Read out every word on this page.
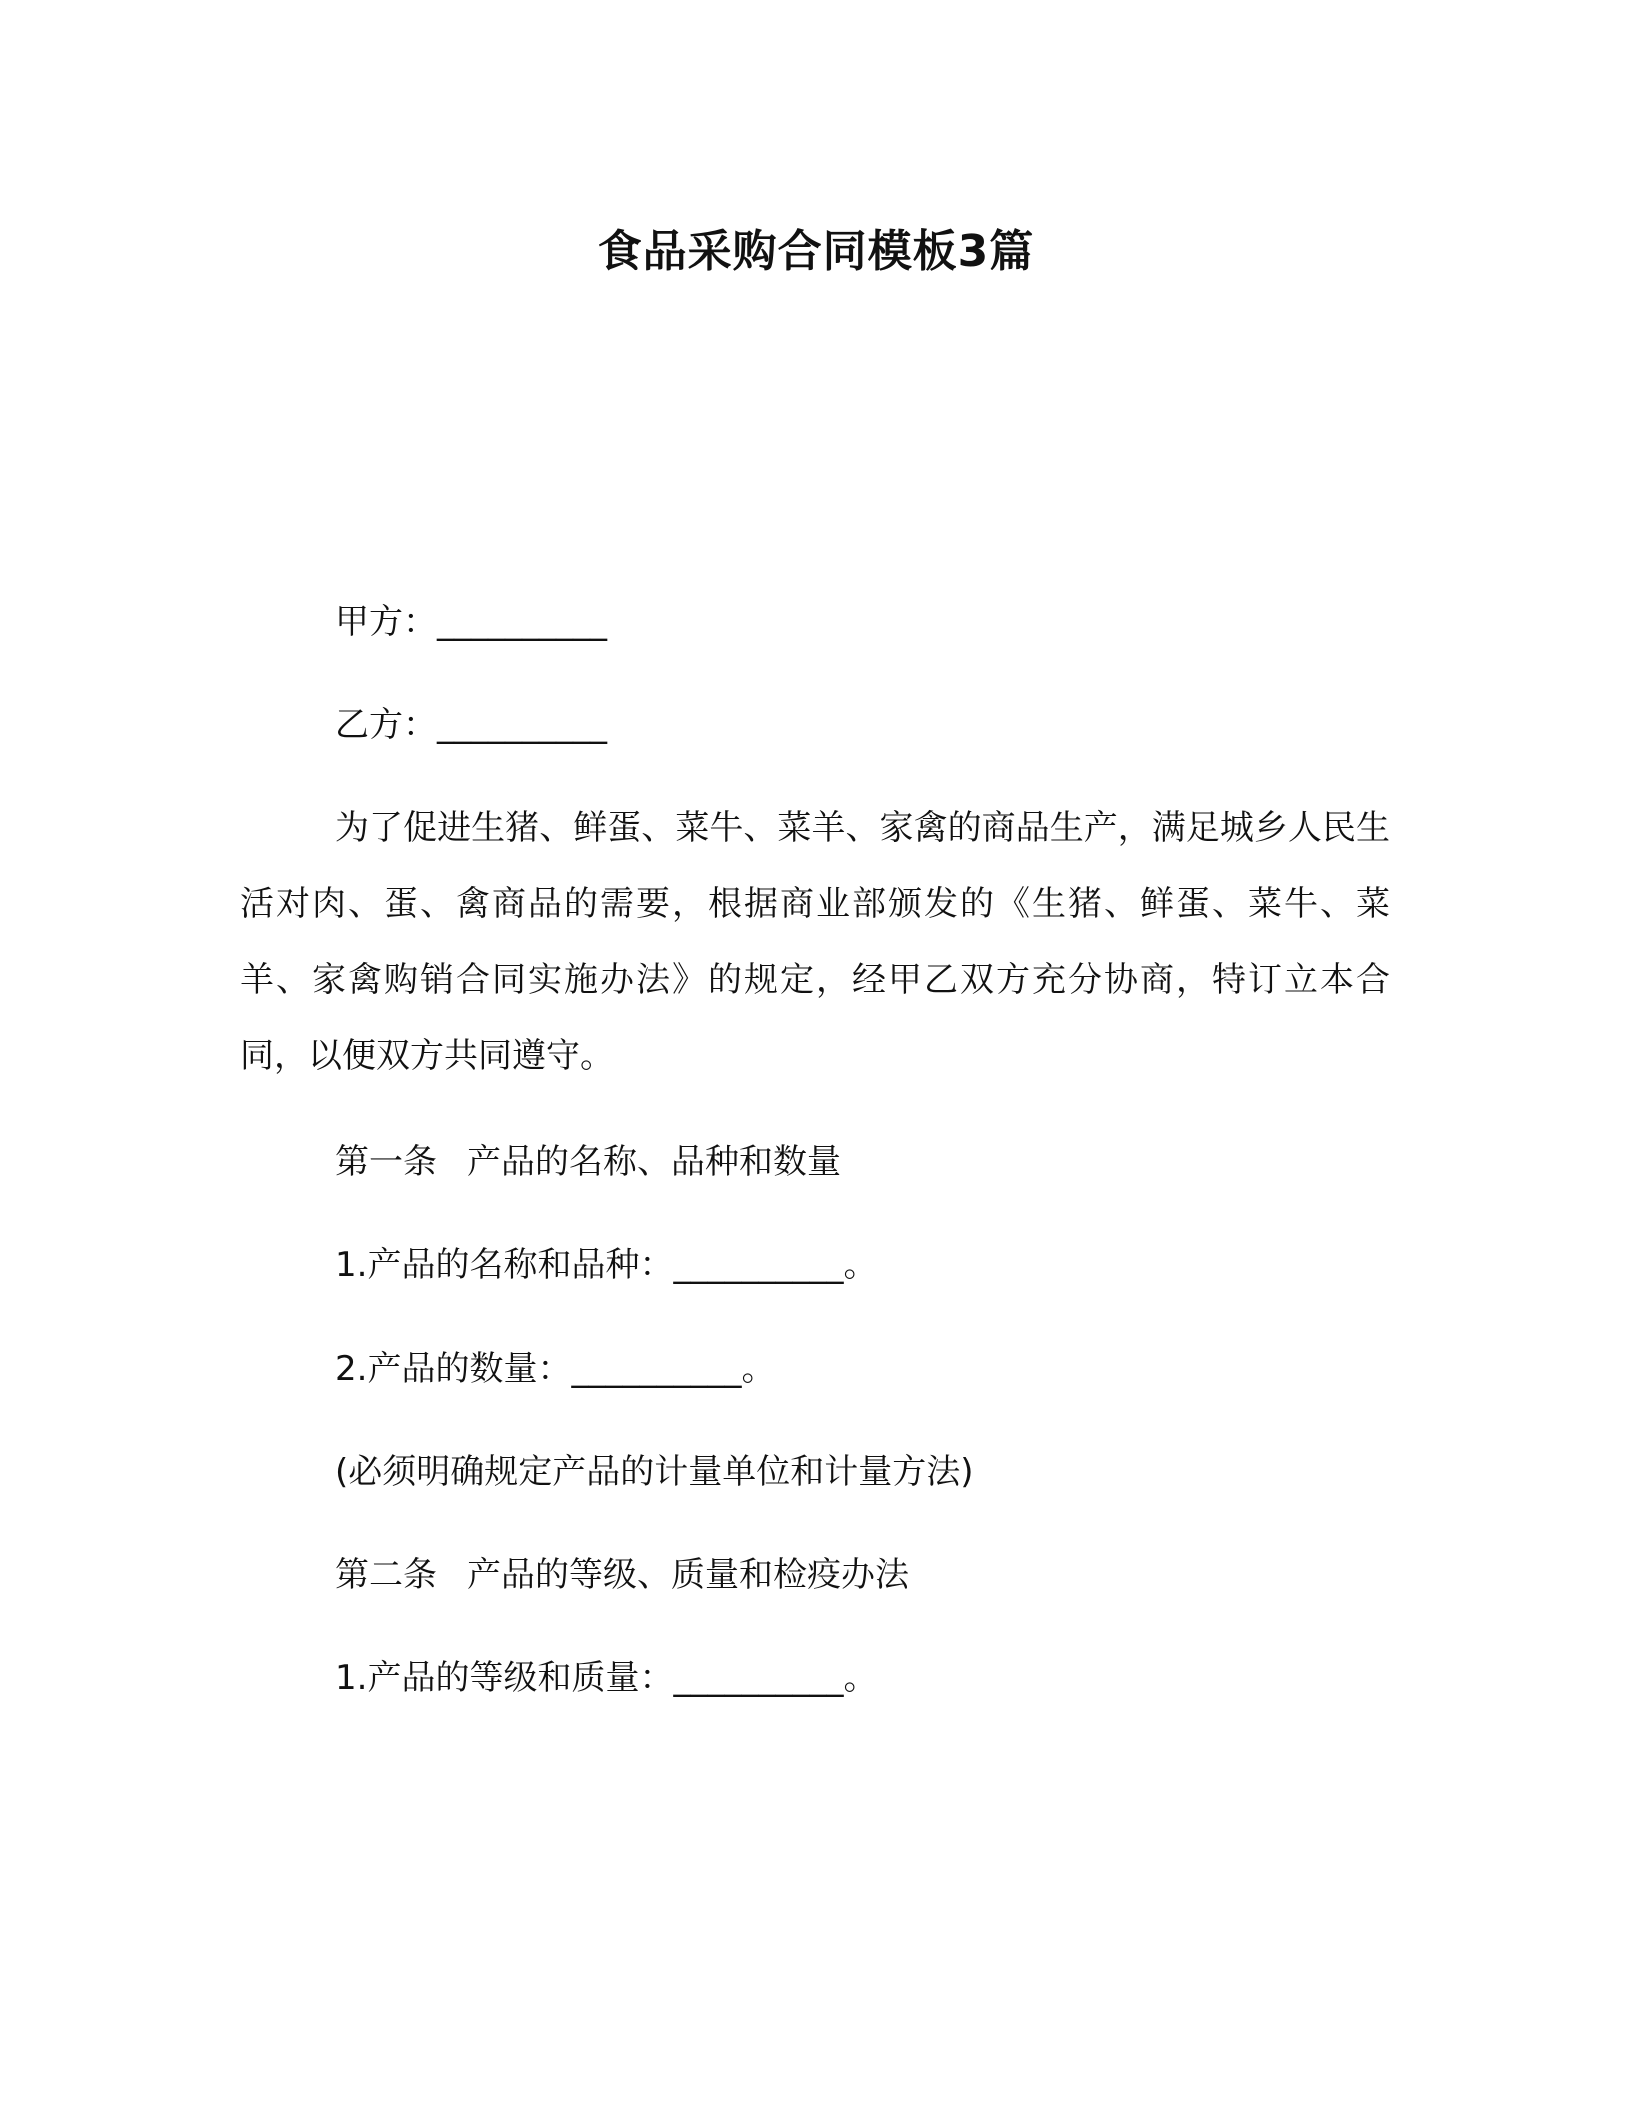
食品采购合同模板3篇
甲方：__________
乙方：__________
为了促进生猪、鲜蛋、菜牛、菜羊、家禽的商品生产，满足城乡人民生活对肉、蛋、禽商品的需要，根据商业部颁发的《生猪、鲜蛋、菜牛、菜羊、家禽购销合同实施办法》的规定，经甲乙双方充分协商，特订立本合同，以便双方共同遵守。
第一条 产品的名称、品种和数量
1.产品的名称和品种：__________。
2.产品的数量：__________。
(必须明确规定产品的计量单位和计量方法)
第二条 产品的等级、质量和检疫办法
1.产品的等级和质量：__________。
